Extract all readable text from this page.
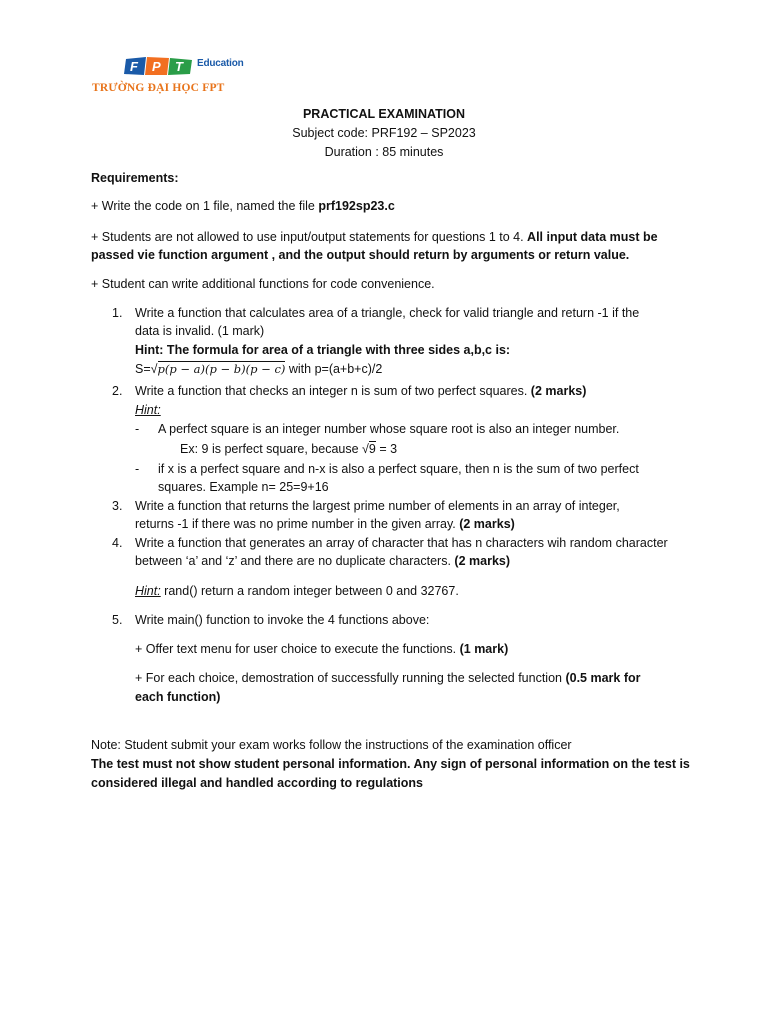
F P T Education
TRƯỜNG ĐẠI HỌC FPT
PRACTICAL EXAMINATION
Subject code: PRF192 – SP2023
Duration : 85 minutes
Requirements:
+ Write the code on 1 file, named the file prf192sp23.c
+ Students are not allowed to use input/output statements for questions 1 to 4. All input data must be
passed vie function argument , and the output should return by arguments or return value.
+ Student can write additional functions for code convenience.
1. Write a function that calculates area of a triangle, check for valid triangle and return -1 if the
data is invalid. (1 mark)
Hint: The formula for area of a triangle with three sides a,b,c is:
S=√p(p − a)(p − b)(p − c) with p=(a+b+c)/2
2. Write a function that checks an integer n is sum of two perfect squares. (2 marks)
Hint:
- A perfect square is an integer number whose square root is also an integer number.
Ex: 9 is perfect square, because √9 = 3
- if x is a perfect square and n-x is also a perfect square, then n is the sum of two perfect
squares. Example n= 25=9+16
3. Write a function that returns the largest prime number of elements in an array of integer,
returns -1 if there was no prime number in the given array. (2 marks)
4. Write a function that generates an array of character that has n characters wih random character
between ‘a’ and ‘z’ and there are no duplicate characters. (2 marks)
Hint: rand() return a random integer between 0 and 32767.
5. Write main() function to invoke the 4 functions above:
+ Offer text menu for user choice to execute the functions. (1 mark)
+ For each choice, demostration of successfully running the selected function (0.5 mark for
each function)
Note: Student submit your exam works follow the instructions of the examination officer
The test must not show student personal information. Any sign of personal information on the test is
considered illegal and handled according to regulations
